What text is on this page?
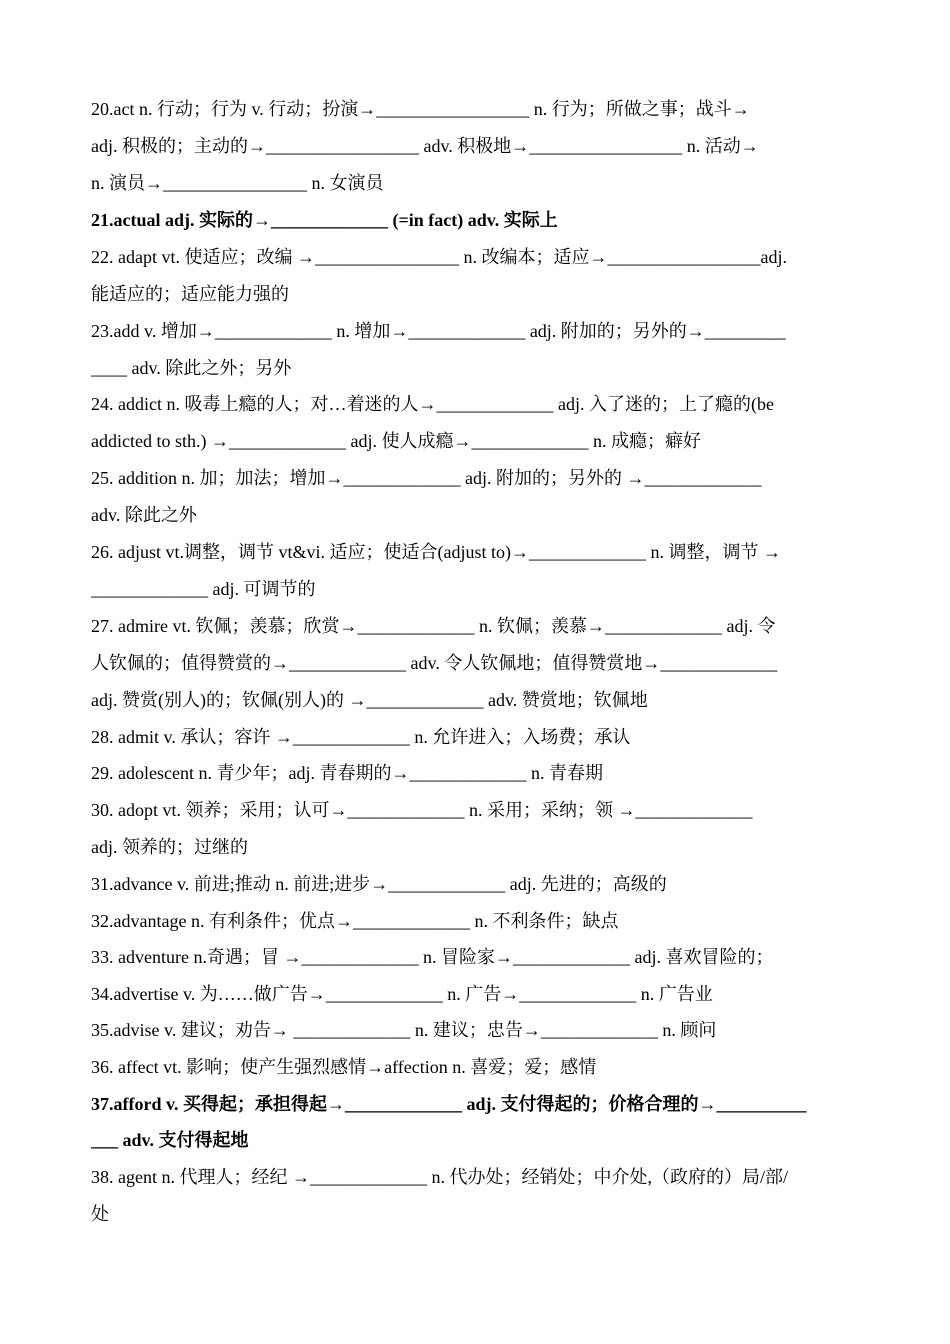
20.act n. 行动；行为 v. 行动；扮演→_________________ n. 行为；所做之事；战斗→
adj. 积极的；主动的→_________________ adv. 积极地→_________________ n. 活动→
n. 演员→________________ n. 女演员
21.actual adj. 实际的→_____________ (=in fact) adv. 实际上
22. adapt vt. 使适应；改编 →________________ n. 改编本；适应→_________________adj.
能适应的；适应能力强的
23.add v. 增加→_____________ n. 增加→_____________ adj. 附加的；另外的→_________
____ adv. 除此之外；另外
24. addict n. 吸毒上瘾的人；对…着迷的人→_____________ adj. 入了迷的；上了瘾的(be
addicted to sth.) →_____________ adj. 使人成瘾→_____________ n. 成瘾；癖好
25. addition n. 加；加法；增加→_____________ adj. 附加的；另外的 →_____________
adv. 除此之外
26. adjust vt.调整，调节 vt&vi. 适应；使适合(adjust to)→_____________ n. 调整，调节 →
_____________ adj. 可调节的
27. admire vt. 钦佩；羡慕；欣赏→_____________ n. 钦佩；羡慕→_____________ adj. 令
人钦佩的；值得赞赏的→_____________ adv. 令人钦佩地；值得赞赏地→_____________
adj. 赞赏(别人)的；钦佩(别人)的 →_____________ adv. 赞赏地；钦佩地
28. admit v. 承认；容许 →_____________ n. 允许进入；入场费；承认
29. adolescent n. 青少年；adj. 青春期的→_____________ n. 青春期
30. adopt vt. 领养；采用；认可→_____________ n. 采用；采纳；领 →_____________
adj. 领养的；过继的
31.advance v. 前进;推动 n. 前进;进步→_____________ adj. 先进的；高级的
32.advantage n. 有利条件；优点→_____________ n. 不利条件；缺点
33. adventure n.奇遇；冒 →_____________ n. 冒险家→_____________ adj. 喜欢冒险的；
34.advertise v. 为……做广告→_____________ n. 广告→_____________ n. 广告业
35.advise v. 建议；劝告→ _____________ n. 建议；忠告→_____________ n. 顾问
36. affect vt. 影响；使产生强烈感情→affection n. 喜爱；爱；感情
37.afford v. 买得起；承担得起→_____________ adj. 支付得起的；价格合理的→__________
___ adv. 支付得起地
38. agent n. 代理人；经纪 →_____________ n. 代办处；经销处；中介处,（政府的）局/部/
处
